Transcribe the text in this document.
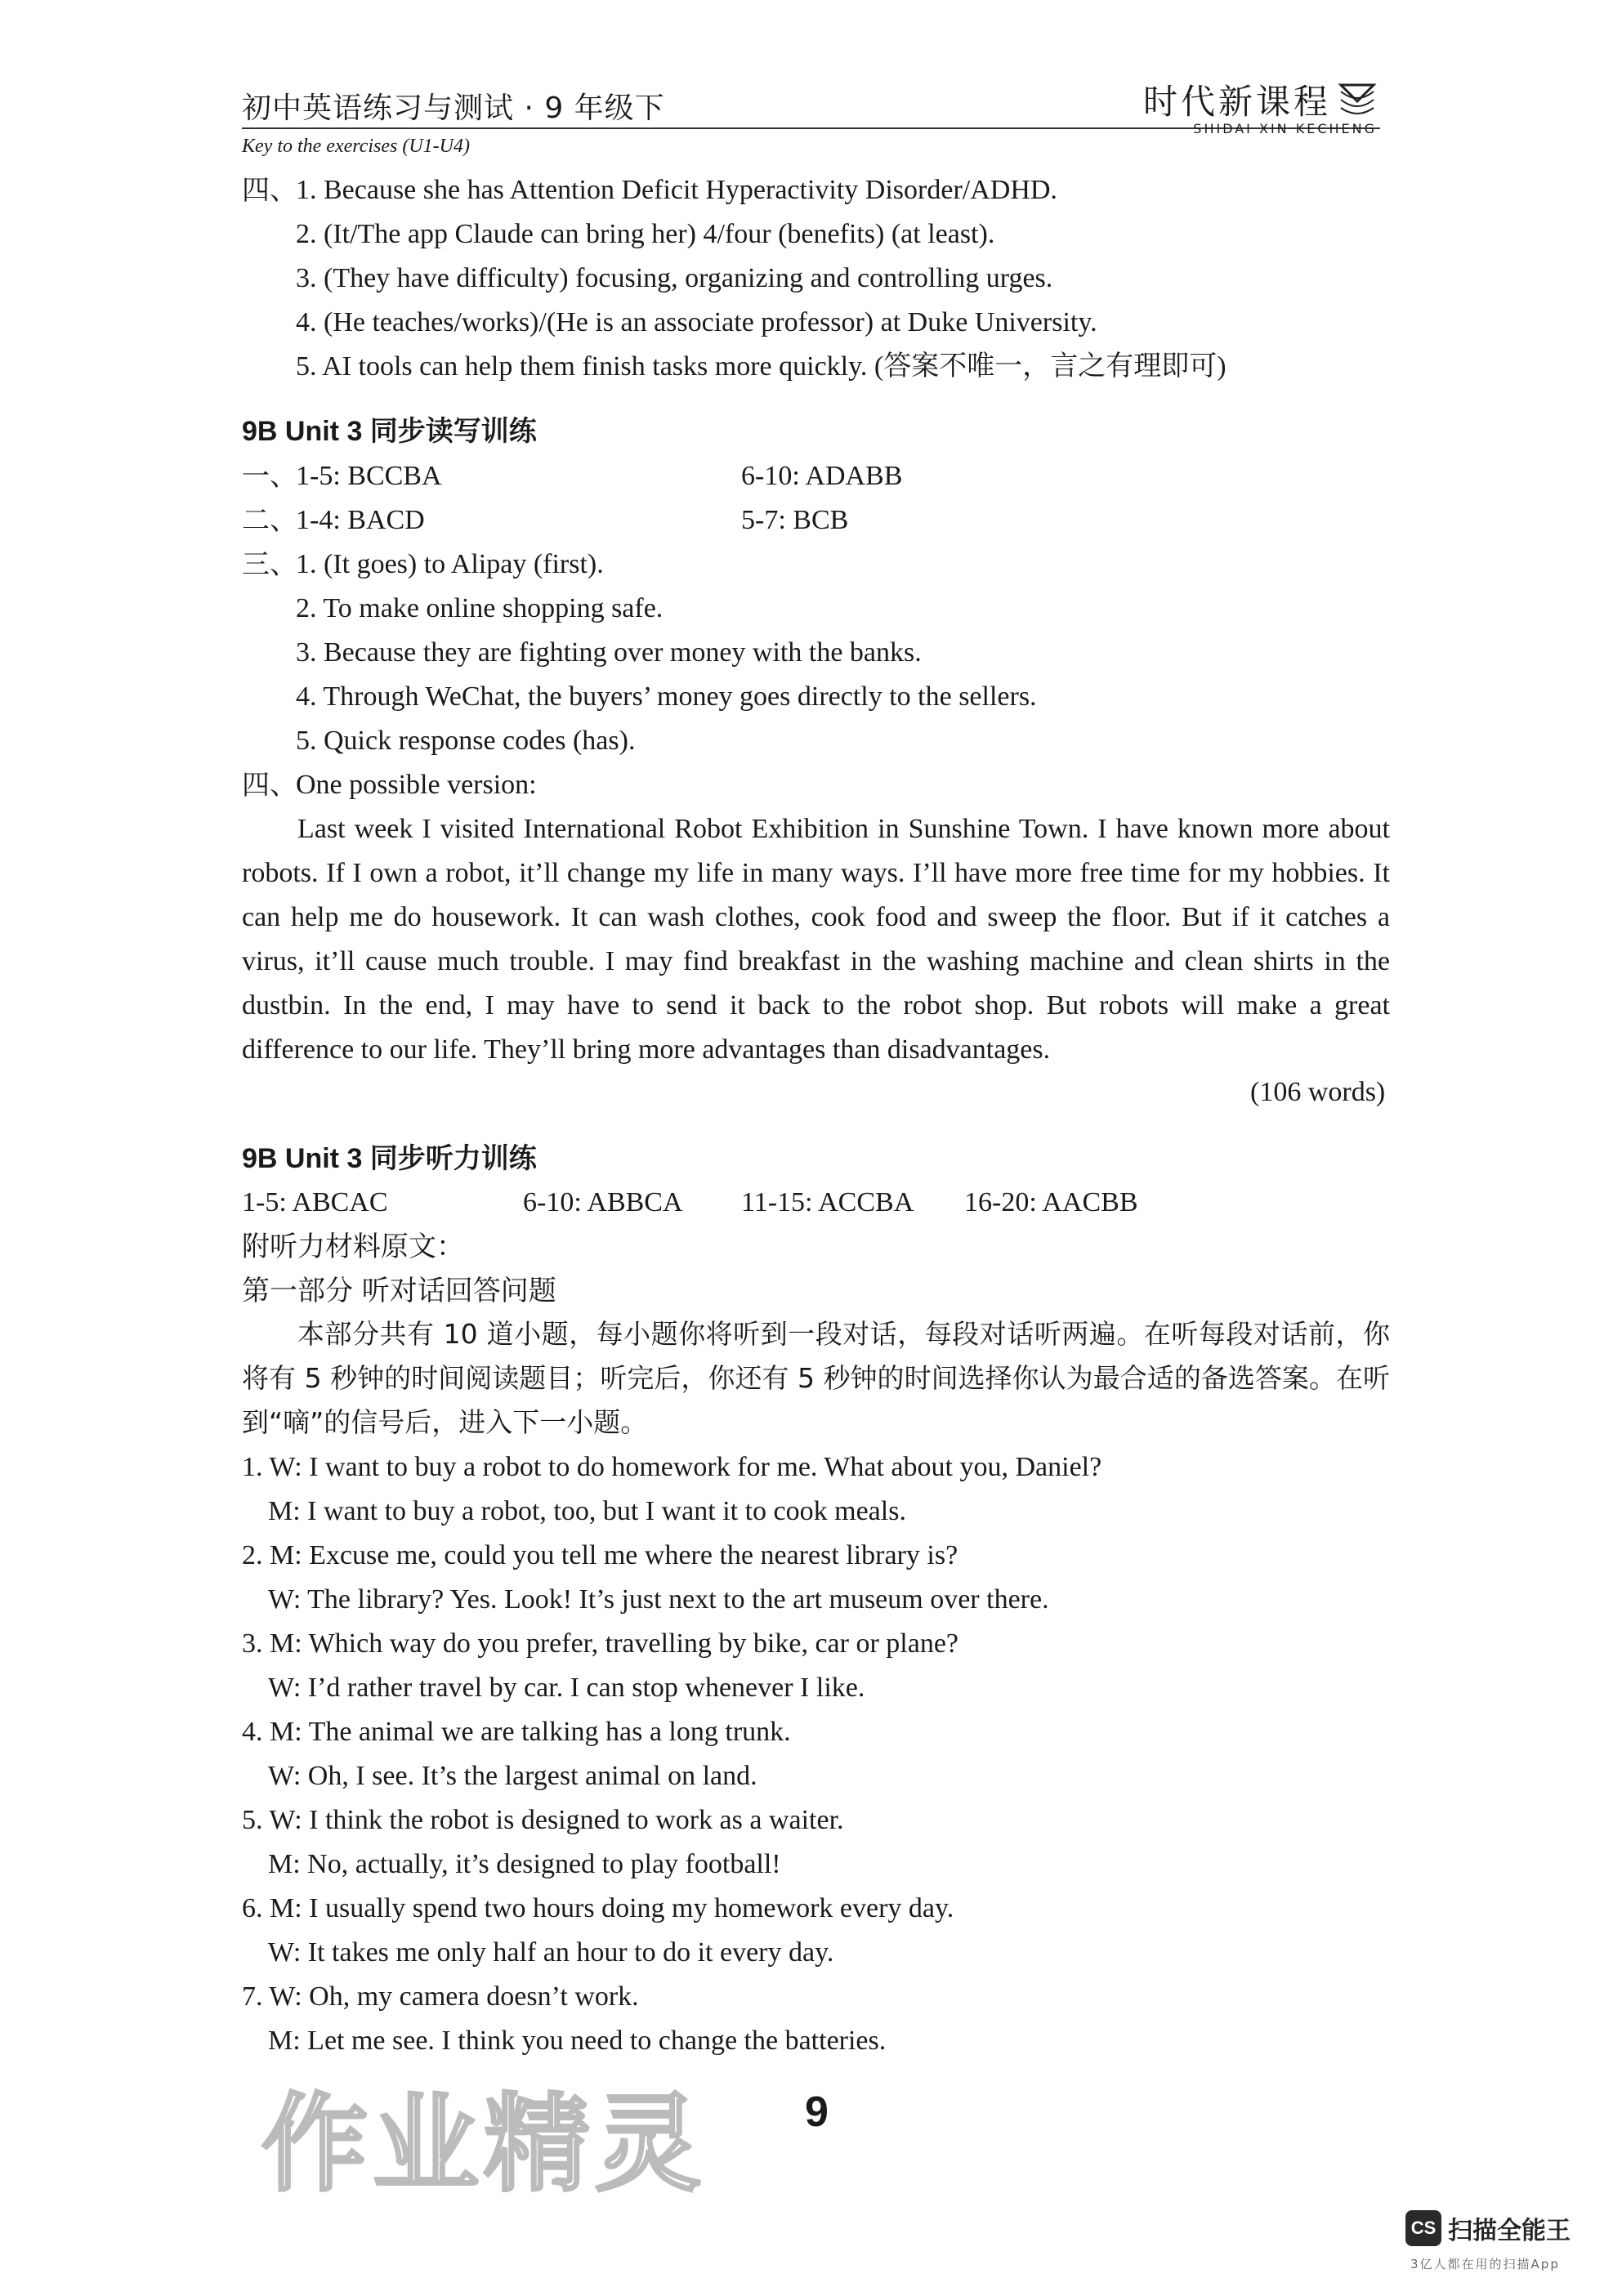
初中英语练习与测试 · 9 年级下
Key to the exercises (U1-U4)
时代新课程
SHIDAI XIN KECHENG
四、
1. Because she has Attention Deficit Hyperactivity Disorder/ADHD.
2. (It/The app Claude can bring her) 4/four (benefits) (at least).
3. (They have difficulty) focusing, organizing and controlling urges.
4. (He teaches/works)/(He is an associate professor) at Duke University.
5. AI tools can help them finish tasks more quickly. (答案不唯一，言之有理即可)
9B Unit 3 同步读写训练
一、
1-5: BCCBA	6-10: ADABB
二、
1-4: BACD	5-7: BCB
三、
1. (It goes) to Alipay (first).
2. To make online shopping safe.
3. Because they are fighting over money with the banks.
4. Through WeChat, the buyers’ money goes directly to the sellers.
5. Quick response codes (has).
四、
One possible version:
Last week I visited International Robot Exhibition in Sunshine Town. I have known more about robots. If I own a robot, it’ll change my life in many ways. I’ll have more free time for my hobbies. It can help me do housework. It can wash clothes, cook food and sweep the floor. But if it catches a virus, it’ll cause much trouble. I may find breakfast in the washing machine and clean shirts in the dustbin. In the end, I may have to send it back to the robot shop. But robots will make a great difference to our life. They’ll bring more advantages than disadvantages.
(106 words)
9B Unit 3 同步听力训练
1-5: ABCAC	6-10: ABBCA 11-15: ACCBA 16-20: AACBB
附听力材料原文：
第一部分 听对话回答问题
本部分共有 10 道小题，每小题你将听到一段对话，每段对话听两遍。在听每段对话前，你将有 5 秒钟的时间阅读题目；听完后，你还有 5 秒钟的时间选择你认为最合适的备选答案。在听到“嘀”的信号后，进入下一小题。
1. W: I want to buy a robot to do homework for me. What about you, Daniel?
M: I want to buy a robot, too, but I want it to cook meals.
2. M: Excuse me, could you tell me where the nearest library is?
W: The library? Yes. Look! It’s just next to the art museum over there.
3. M: Which way do you prefer, travelling by bike, car or plane?
W: I’d rather travel by car. I can stop whenever I like.
4. M: The animal we are talking has a long trunk.
W: Oh, I see. It’s the largest animal on land.
5. W: I think the robot is designed to work as a waiter.
M: No, actually, it’s designed to play football!
6. M: I usually spend two hours doing my homework every day.
W: It takes me only half an hour to do it every day.
7. W: Oh, my camera doesn’t work.
M: Let me see. I think you need to change the batteries.
作业精灵 9
CS 扫描全能王
3亿人都在用的扫描App
